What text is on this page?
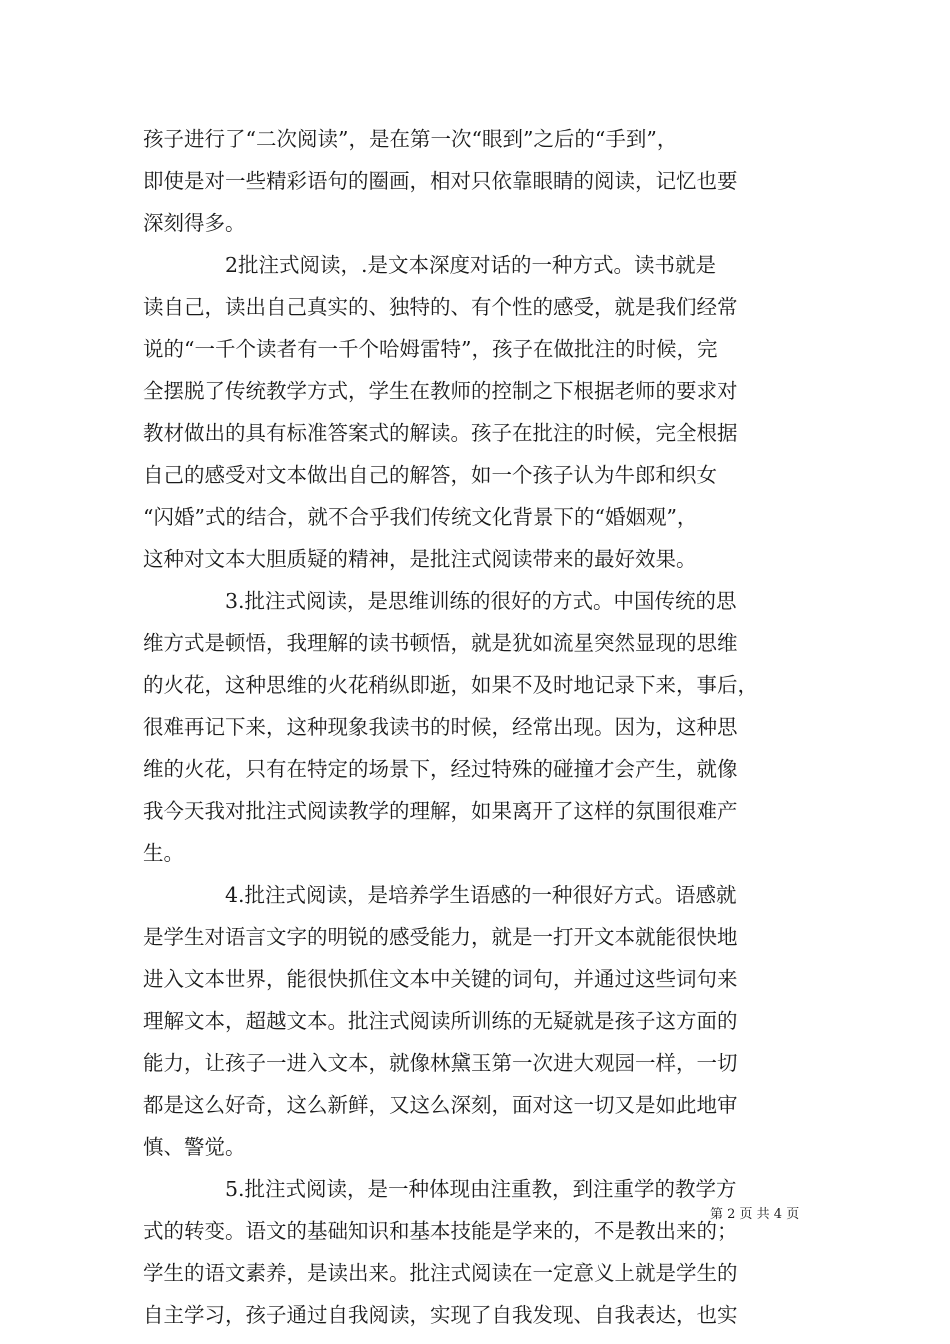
孩子进行了“二次阅读”，是在第一次“眼到”之后的“手到”，
即使是对一些精彩语句的圈画，相对只依靠眼睛的阅读，记忆也要
深刻得多。
　　　　2批注式阅读，.是文本深度对话的一种方式。读书就是
读自己，读出自己真实的、独特的、有个性的感受，就是我们经常
说的“一千个读者有一千个哈姆雷特”，孩子在做批注的时候，完
全摆脱了传统教学方式，学生在教师的控制之下根据老师的要求对
教材做出的具有标准答案式的解读。孩子在批注的时候，完全根据
自己的感受对文本做出自己的解答，如一个孩子认为牛郎和织女
“闪婚”式的结合，就不合乎我们传统文化背景下的“婚姻观”，
这种对文本大胆质疑的精神，是批注式阅读带来的最好效果。
　　　　3.批注式阅读，是思维训练的很好的方式。中国传统的思
维方式是顿悟，我理解的读书顿悟，就是犹如流星突然显现的思维
的火花，这种思维的火花稍纵即逝，如果不及时地记录下来，事后，
很难再记下来，这种现象我读书的时候，经常出现。因为，这种思
维的火花，只有在特定的场景下，经过特殊的碰撞才会产生，就像
我今天我对批注式阅读教学的理解，如果离开了这样的氛围很难产
生。
　　　　4.批注式阅读，是培养学生语感的一种很好方式。语感就
是学生对语言文字的明锐的感受能力，就是一打开文本就能很快地
进入文本世界，能很快抓住文本中关键的词句，并通过这些词句来
理解文本，超越文本。批注式阅读所训练的无疑就是孩子这方面的
能力，让孩子一进入文本，就像林黛玉第一次进大观园一样，一切
都是这么好奇，这么新鲜，又这么深刻，面对这一切又是如此地审
慎、警觉。
　　　　5.批注式阅读，是一种体现由注重教，到注重学的教学方
式的转变。语文的基础知识和基本技能是学来的，不是教出来的；
学生的语文素养，是读出来。批注式阅读在一定意义上就是学生的
自主学习，孩子通过自我阅读，实现了自我发现、自我表达，也实
第 2 页 共 4 页
